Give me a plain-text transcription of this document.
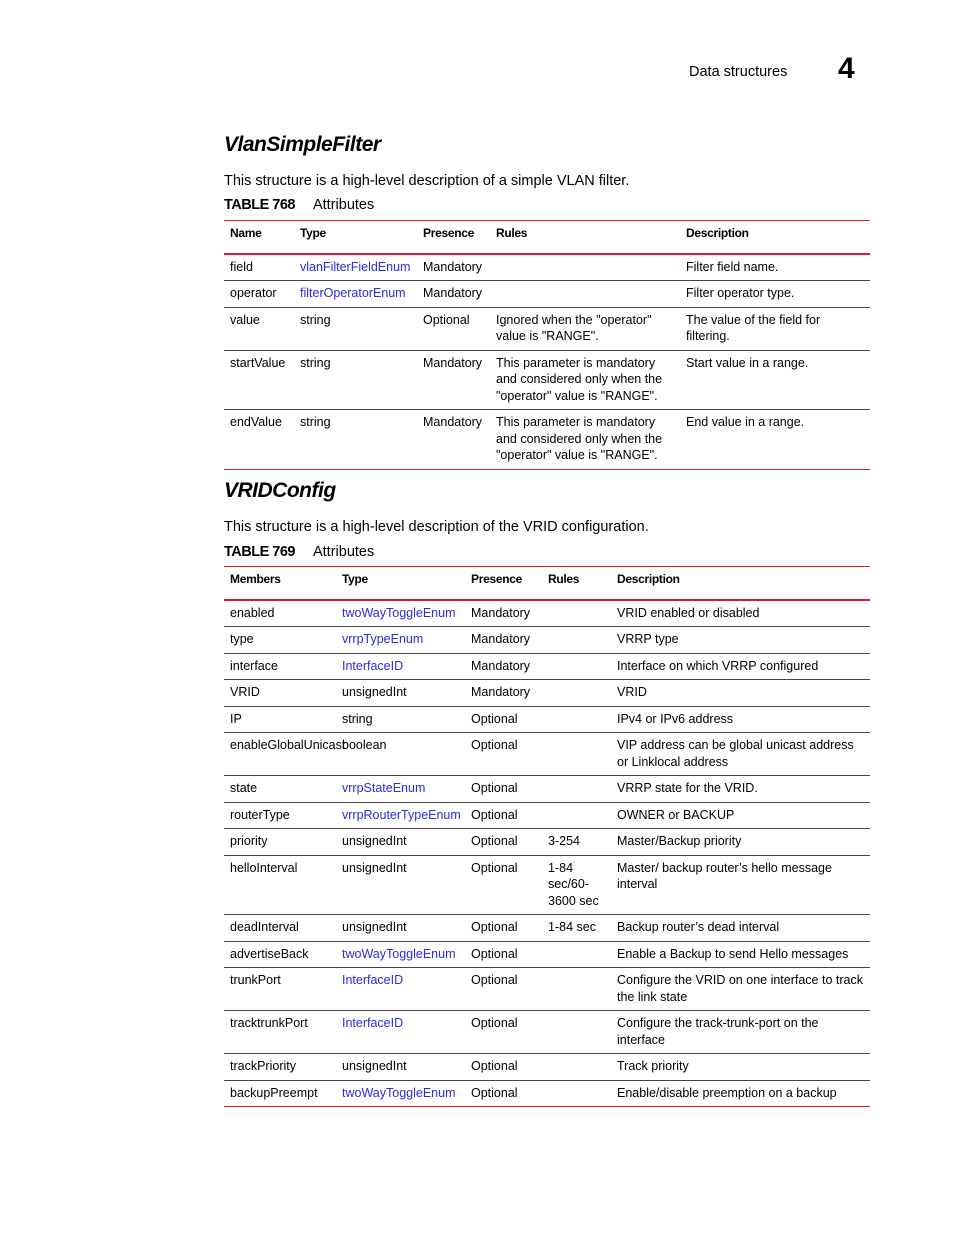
Data structures 4
VlanSimpleFilter
This structure is a high-level description of a simple VLAN filter.
TABLE 768 Attributes
Name	Type	Presence	Rules	Description
field	vlanFilterFieldEnum	Mandatory		Filter field name.
operator	filterOperatorEnum	Mandatory		Filter operator type.
value	string	Optional	Ignored when the "operator" value is "RANGE".	The value of the field for filtering.
startValue	string	Mandatory	This parameter is mandatory and considered only when the "operator" value is "RANGE".	Start value in a range.
endValue	string	Mandatory	This parameter is mandatory and considered only when the "operator" value is "RANGE".	End value in a range.
VRIDConfig
This structure is a high-level description of the VRID configuration.
TABLE 769 Attributes
Members	Type	Presence	Rules	Description
enabled	twoWayToggleEnum	Mandatory		VRID enabled or disabled
type	vrrpTypeEnum	Mandatory		VRRP type
interface	InterfaceID	Mandatory		Interface on which VRRP configured
VRID	unsignedInt	Mandatory		VRID
IP	string	Optional		IPv4 or IPv6 address
enableGlobalUnicast	boolean	Optional		VIP address can be global unicast address or Linklocal address
state	vrrpStateEnum	Optional		VRRP state for the VRID.
routerType	vrrpRouterTypeEnum	Optional		OWNER or BACKUP
priority	unsignedInt	Optional	3-254	Master/Backup priority
helloInterval	unsignedInt	Optional	1-84 sec/60-3600 sec	Master/ backup router’s hello message interval
deadInterval	unsignedInt	Optional	1-84 sec	Backup router’s dead interval
advertiseBack	twoWayToggleEnum	Optional		Enable a Backup to send Hello messages
trunkPort	InterfaceID	Optional		Configure the VRID on one interface to track the link state
tracktrunkPort	InterfaceID	Optional		Configure the track-trunk-port on the interface
trackPriority	unsignedInt	Optional		Track priority
backupPreempt	twoWayToggleEnum	Optional		Enable/disable preemption on a backup
